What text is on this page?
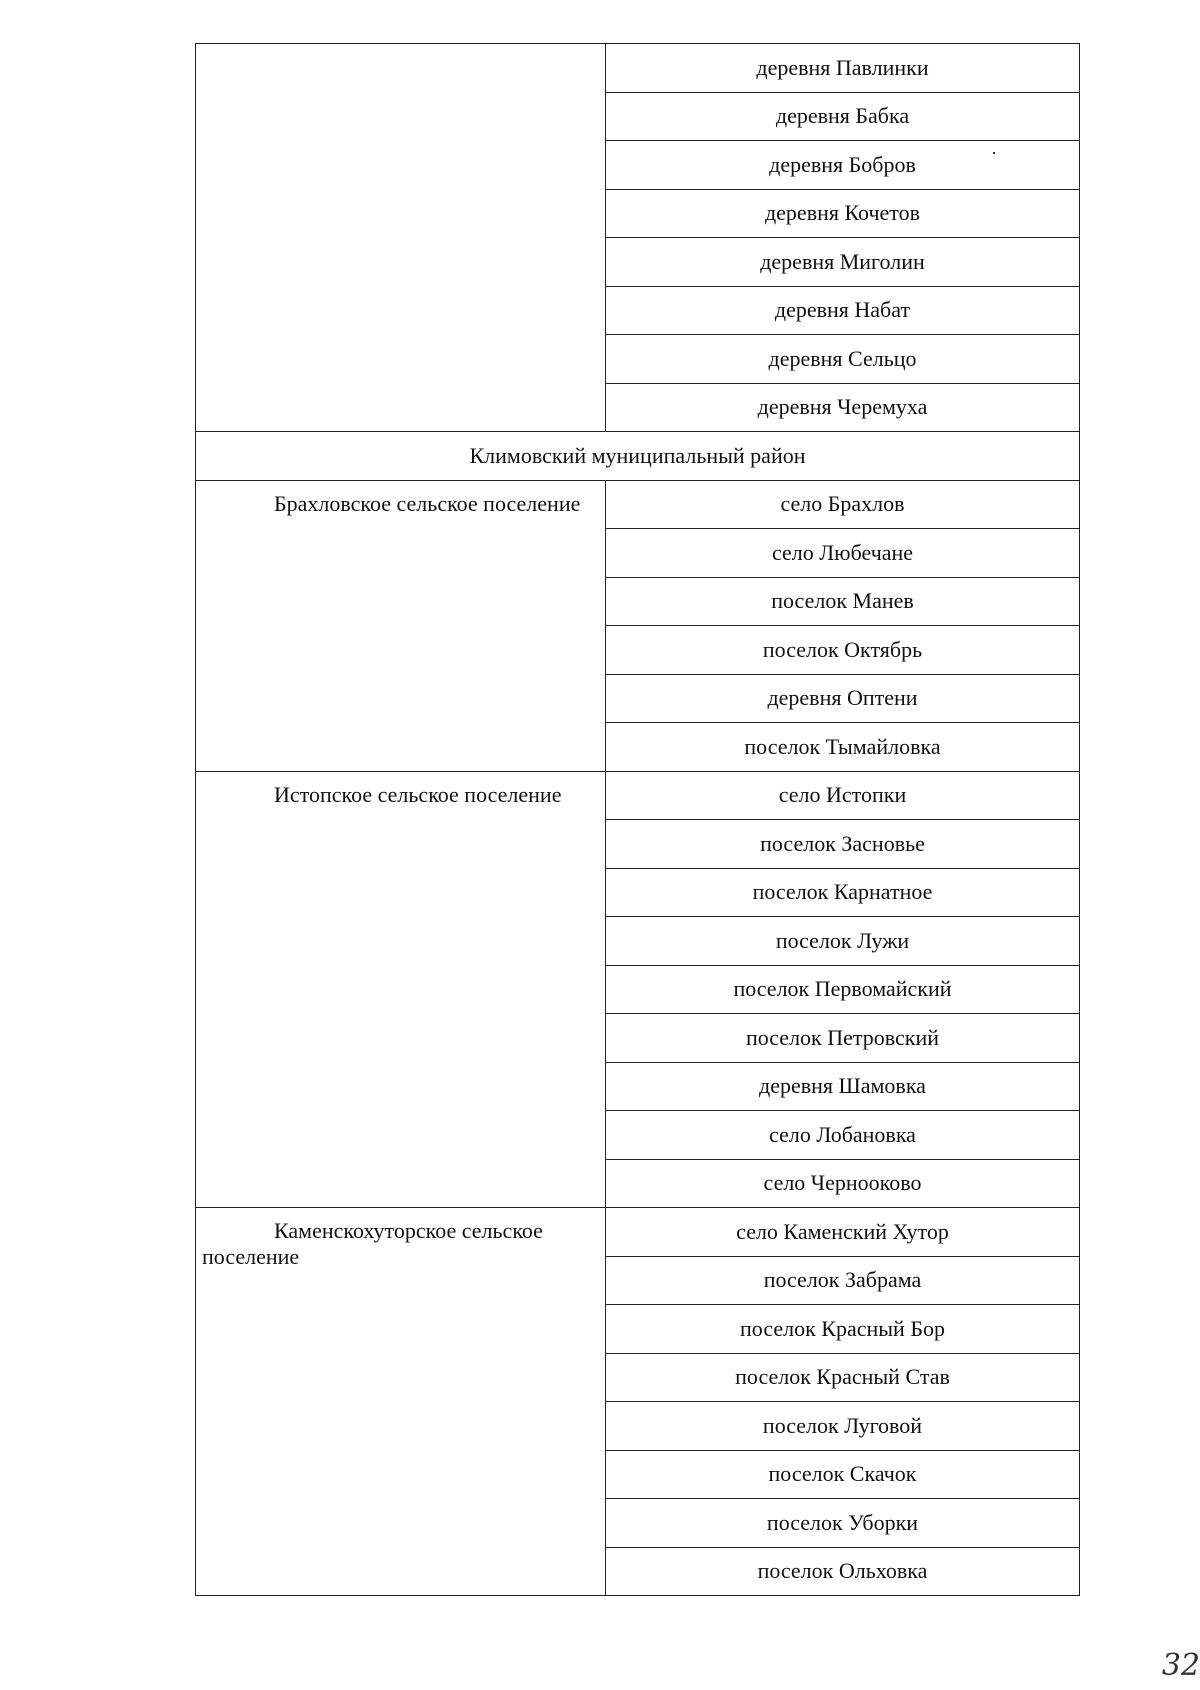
	деревня Павлинки
	деревня Бабка
	деревня Бобров
	деревня Кочетов
	деревня Миголин
	деревня Набат
	деревня Сельцо
	деревня Черемуха
Климовский муниципальный район	
Брахловское сельское поселение	село Брахлов
	село Любечане
	поселок Манев
	поселок Октябрь
	деревня Оптени
	поселок Тымайловка
Истопское сельское поселение	село Истопки
	поселок Засновье
	поселок Карнатное
	поселок Лужи
	поселок Первомайский
	поселок Петровский
	деревня Шамовка
	село Лобановка
	село Чернооково
Каменскохуторское сельское поселение	село Каменский Хутор
	поселок Забрама
	поселок Красный Бор
	поселок Красный Став
	поселок Луговой
	поселок Скачок
	поселок Уборки
	поселок Ольховка
32
